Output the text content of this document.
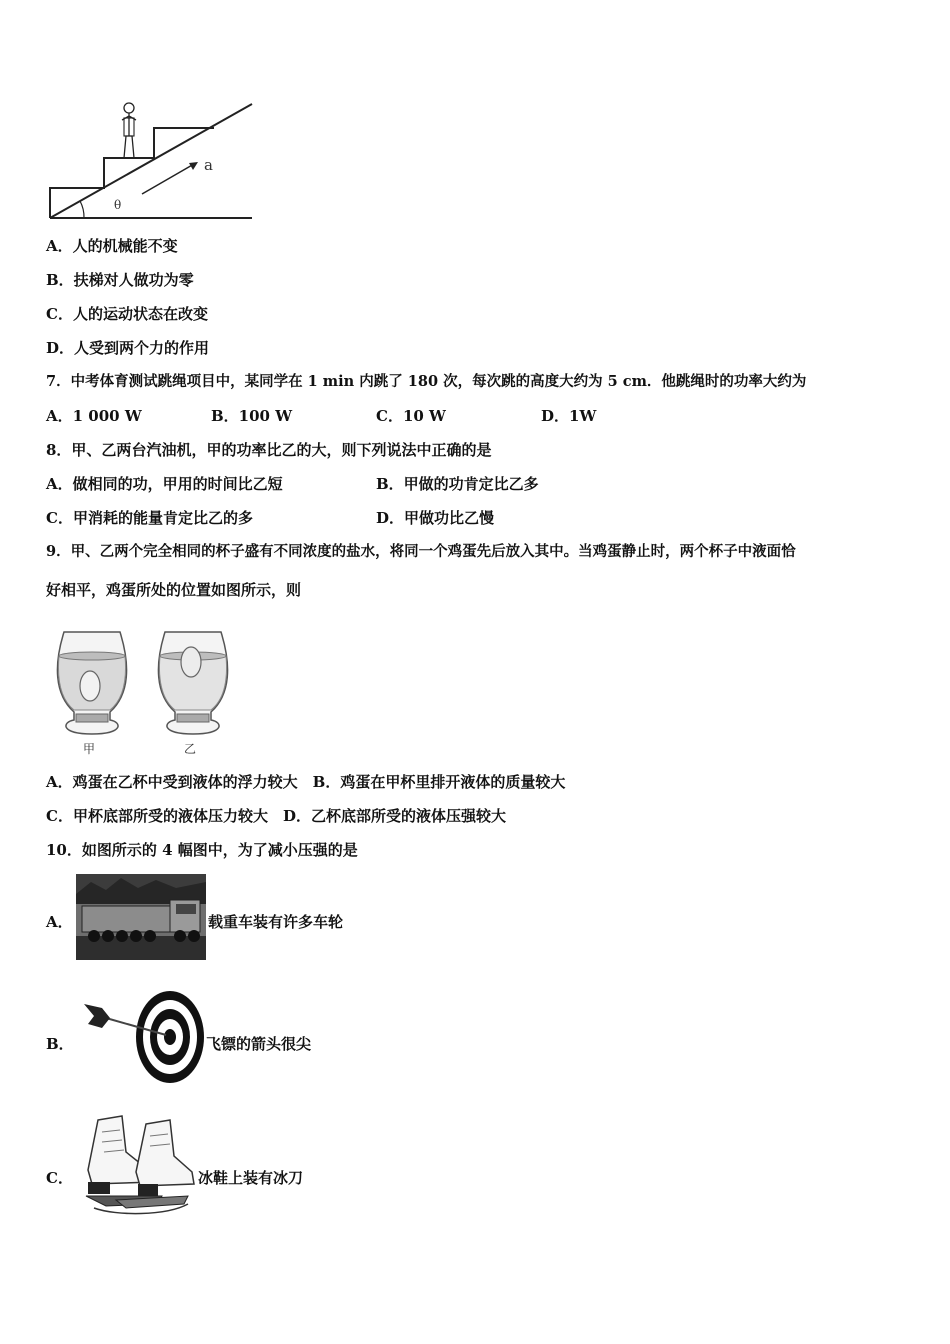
a
θ
A．人的机械能不变
B．扶梯对人做功为零
C．人的运动状态在改变
D．人受到两个力的作用
7．中考体育测试跳绳项目中，某同学在 1 min 内跳了 180 次，每次跳的高度大约为 5 cm．他跳绳时的功率大约为
A．1 000 W	B．100 W	C．10 W	D．1W
8．甲、乙两台汽油机，甲的功率比乙的大，则下列说法中正确的是
A．做相同的功，甲用的时间比乙短	B．甲做的功肯定比乙多
C．甲消耗的能量肯定比乙的多	D．甲做功比乙慢
9．甲、乙两个完全相同的杯子盛有不同浓度的盐水，将同一个鸡蛋先后放入其中。当鸡蛋静止时，两个杯子中液面恰
好相平，鸡蛋所处的位置如图所示，则
甲	乙
A．鸡蛋在乙杯中受到液体的浮力较大　B．鸡蛋在甲杯里排开液体的质量较大
C．甲杯底部所受的液体压力较大　D．乙杯底部所受的液体压强较大
10．如图所示的 4 幅图中，为了减小压强的是
A．	载重车装有许多车轮
B．	飞镖的箭头很尖
C．	冰鞋上装有冰刀
